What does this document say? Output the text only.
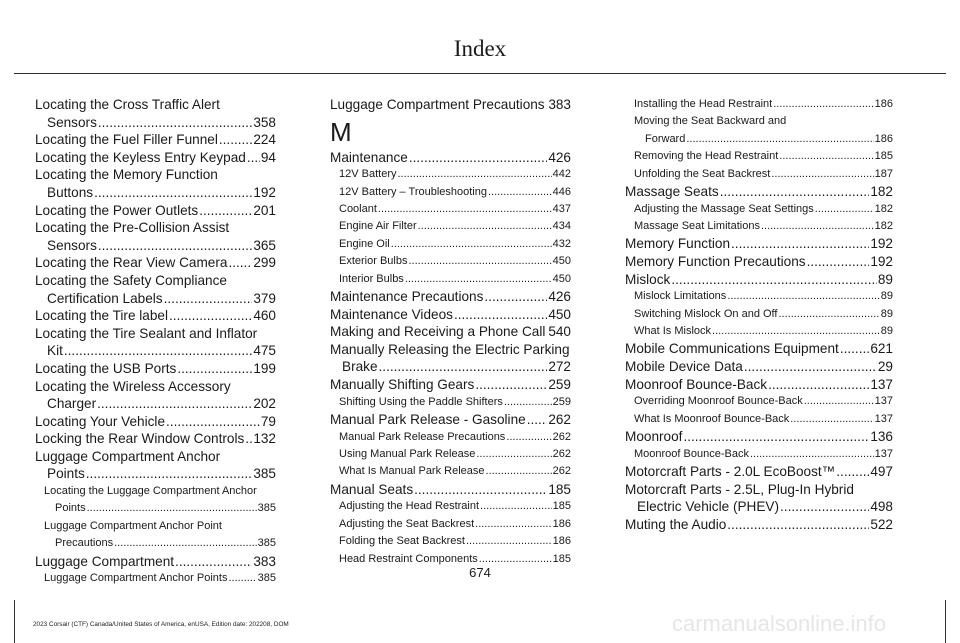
Index
Locating the Cross Traffic Alert
Sensors .....	358
Locating the Fuel Filler Funnel .....	224
Locating the Keyless Entry Keypad ..... 94
Locating the Memory Function
Buttons .....	192
Locating the Power Outlets .....	201
Locating the Pre-Collision Assist
Sensors .....	365
Locating the Rear View Camera ..... 299
Locating the Safety Compliance
Certification Labels .....	379
Locating the Tire label .....	460
Locating the Tire Sealant and Inflator
Kit .....	475
Locating the USB Ports .....	199
Locating the Wireless Accessory
Charger .....	202
Locating Your Vehicle .....	79
Locking the Rear Window Controls ..... 132
Luggage Compartment Anchor
Points .....	385
Locating the Luggage Compartment Anchor
Points .....	385
Luggage Compartment Anchor Point
Precautions .....	385
Luggage Compartment .....	383
Luggage Compartment Anchor Points .....	385
Luggage Compartment Precautions ..... 383
M
Maintenance .....	426
12V Battery .....	442
12V Battery – Troubleshooting .....	446
Coolant .....	437
Engine Air Filter .....	434
Engine Oil .....	432
Exterior Bulbs .....	450
Interior Bulbs .....	450
Maintenance Precautions .....	426
Maintenance Videos .....	450
Making and Receiving a Phone Call ..... 540
Manually Releasing the Electric Parking
Brake .....	272
Manually Shifting Gears .....	259
Shifting Using the Paddle Shifters .....	259
Manual Park Release - Gasoline ..... 262
Manual Park Release Precautions .....	262
Using Manual Park Release .....	262
What Is Manual Park Release .....	262
Manual Seats .....	185
Adjusting the Head Restraint .....	185
Adjusting the Seat Backrest .....	186
Folding the Seat Backrest .....	186
Head Restraint Components .....	185
Installing the Head Restraint .....	186
Moving the Seat Backward and
Forward .....	186
Removing the Head Restraint .....	185
Unfolding the Seat Backrest .....	187
Massage Seats .....	182
Adjusting the Massage Seat Settings .....	182
Massage Seat Limitations .....	182
Memory Function .....	192
Memory Function Precautions .....	192
Mislock .....	89
Mislock Limitations .....	89
Switching Mislock On and Off .....	89
What Is Mislock .....	89
Mobile Communications Equipment ..... 621
Mobile Device Data .....	29
Moonroof Bounce-Back .....	137
Overriding Moonroof Bounce-Back .....	137
What Is Moonroof Bounce-Back .....	137
Moonroof .....	136
Moonroof Bounce-Back .....	137
Motorcraft Parts - 2.0L EcoBoost™ .....	497
Motorcraft Parts - 2.5L, Plug-In Hybrid
Electric Vehicle (PHEV) .....	498
Muting the Audio .....	522
674
2023 Corsair (CTF) Canada/United States of America, enUSA, Edition date: 202208, DOM	carmanualsonline.info
